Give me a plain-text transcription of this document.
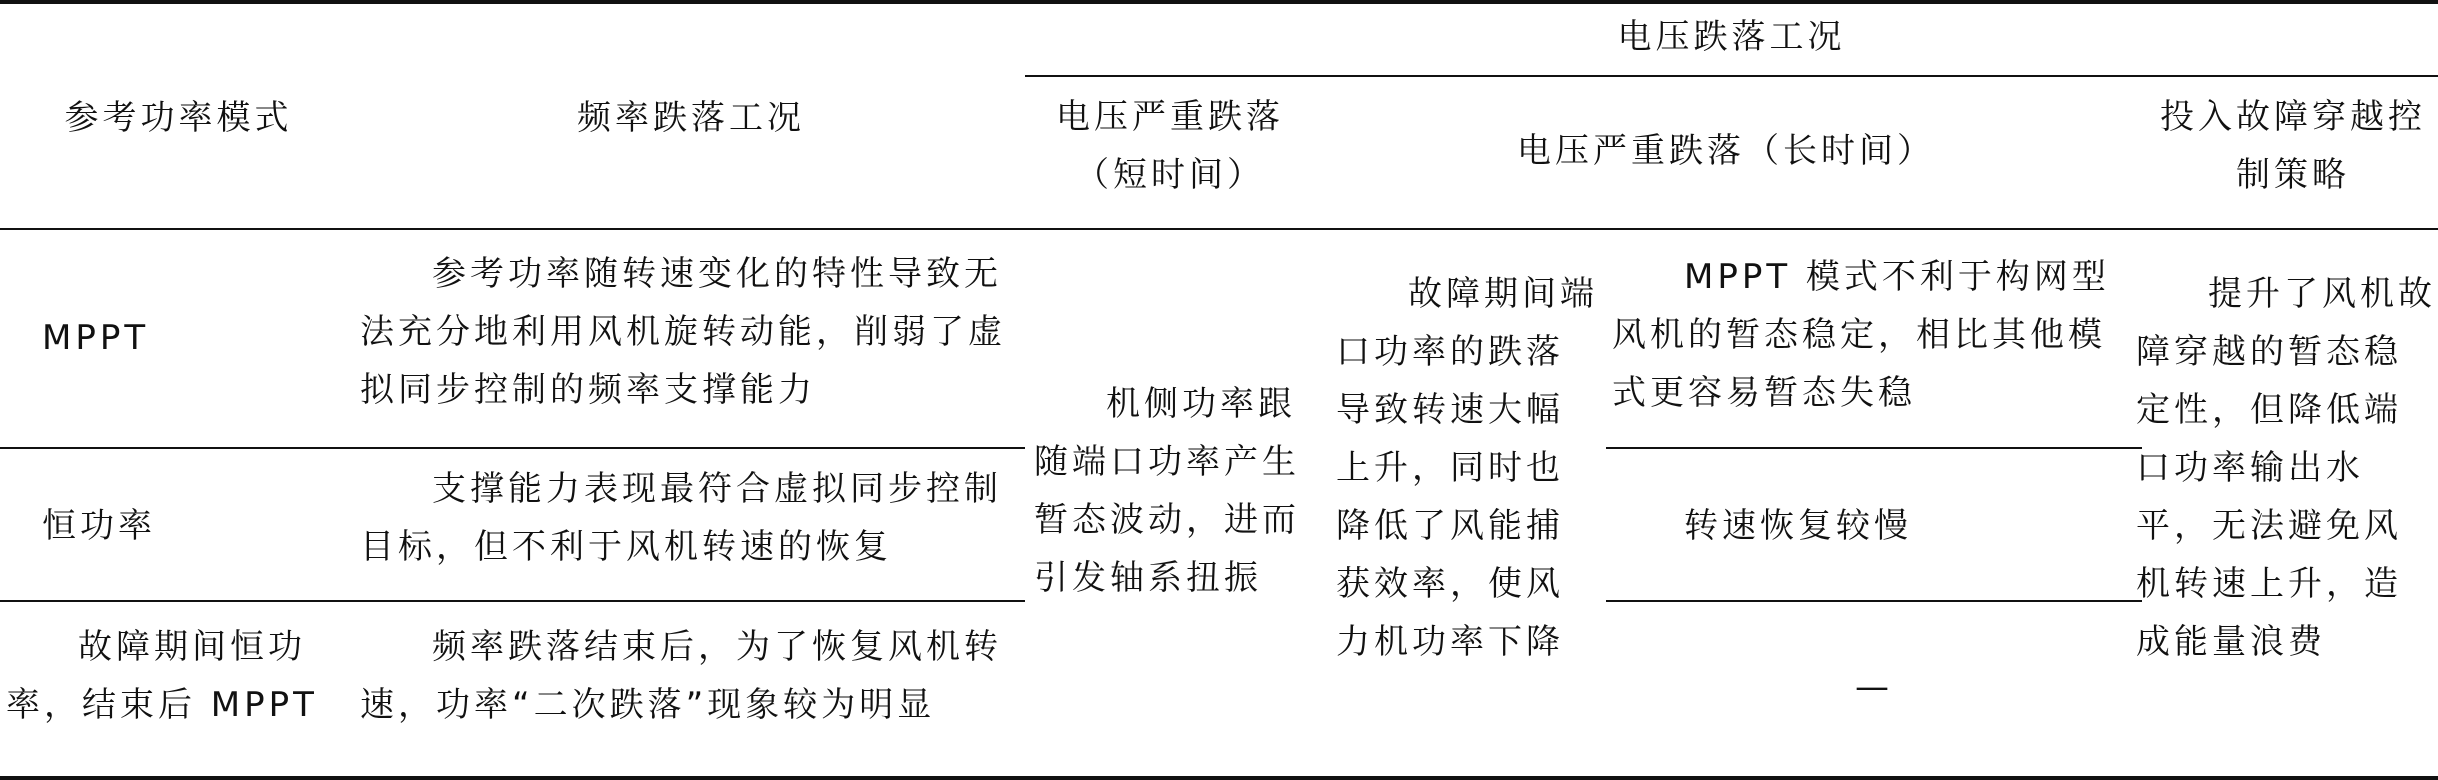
参考功率模式	频率跌落工况
电压跌落工况
电压严重跌落（短时间）
电压严重跌落（长时间）
投入故障穿越控制策略
MPPT
参考功率随转速变化的特性导致无法充分地利用风机旋转动能，削弱了虚拟同步控制的频率支撑能力
恒功率
支撑能力表现最符合虚拟同步控制目标，但不利于风机转速的恢复
故障期间恒功率，结束后 MPPT
频率跌落结束后，为了恢复风机转速，功率“二次跌落”现象较为明显
机侧功率跟随端口功率产生暂态波动，进而引发轴系扭振
故障期间端口功率的跌落导致转速大幅上升，同时也降低了风能捕获效率，使风力机功率下降
MPPT 模式不利于构网型风机的暂态稳定，相比其他模式更容易暂态失稳
转速恢复较慢
—
提升了风机故障穿越的暂态稳定性，但降低端口功率输出水平，无法避免风机转速上升，造成能量浪费
